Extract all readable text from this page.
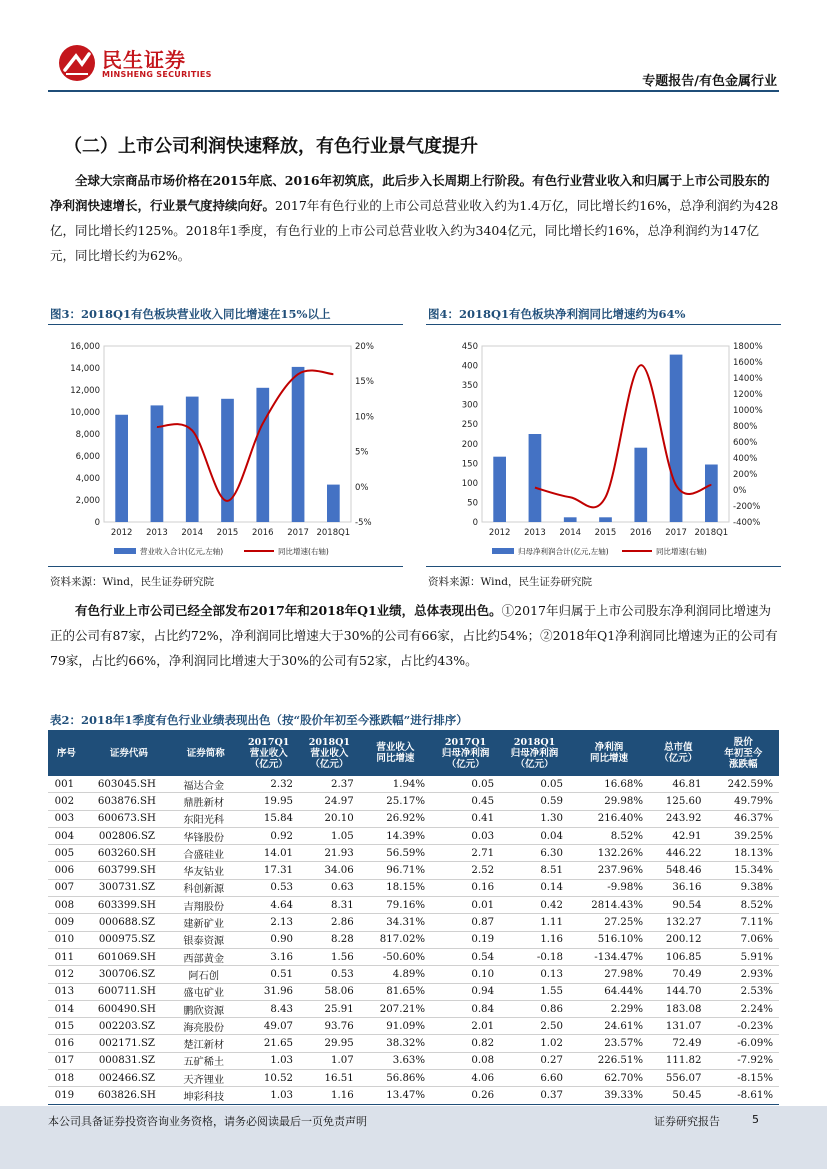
民生证券
MINSHENG SECURITIES	专题报告/有色金属行业
（二）上市公司利润快速释放，有色行业景气度提升
全球大宗商品市场价格在2015年底、2016年初筑底，此后步入长周期上行阶段。有色行业营业收入和归属于上市公司股东的净利润快速增长，行业景气度持续向好。2017年有色行业的上市公司总营业收入约为1.4万亿，同比增长约16%，总净利润约为428亿，同比增长约125%。2018年1季度，有色行业的上市公司总营业收入约为3404亿元，同比增长约16%，总净利润约为147亿元，同比增长约为62%。
图3：2018Q1有色板块营业收入同比增速在15%以上
0
2,000
4,000
6,000
8,000
10,000
12,000
14,000
16,000
-5%
0%
5%
10%
15%
20%
2012 2013 2014 2015 2016 2017 2018Q1
营业收入合计(亿元,左轴)	同比增速(右轴)
资料来源：Wind，民生证券研究院
图4：2018Q1有色板块净利润同比增速约为64%
0
50
100
150
200
250
300
350
400
450
-400%
-200%
0%
200%
400%
600%
800%
1000%
1200%
1400%
1600%
1800%
2012 2013 2014 2015 2016 2017 2018Q1
归母净利润合计(亿元,左轴)	同比增速(右轴)
资料来源：Wind，民生证券研究院
有色行业上市公司已经全部发布2017年和2018年Q1业绩，总体表现出色。①2017年归属于上市公司股东净利润同比增速为正的公司有87家，占比约72%，净利润同比增速大于30%的公司有66家，占比约54%；②2018年Q1净利润同比增速为正的公司有79家，占比约66%，净利润同比增速大于30%的公司有52家，占比约43%。
表2：2018年1季度有色行业业绩表现出色（按“股价年初至今涨跌幅”进行排序）
序号	证券代码	证券简称	2017Q1
营业收入
（亿元）	2018Q1
营业收入
（亿元）	营业收入
同比增速	2017Q1
归母净利润
（亿元）	2018Q1
归母净利润
（亿元）	净利润
同比增速	总市值
（亿元）	股价
年初至今
涨跌幅
001	603045.SH	福达合金	2.32	2.37	1.94%	0.05	0.05	16.68%	46.81	242.59%
002	603876.SH	鼎胜新材	19.95	24.97	25.17%	0.45	0.59	29.98%	125.60	49.79%
003	600673.SH	东阳光科	15.84	20.10	26.92%	0.41	1.30	216.40%	243.92	46.37%
004	002806.SZ	华锋股份	0.92	1.05	14.39%	0.03	0.04	8.52%	42.91	39.25%
005	603260.SH	合盛硅业	14.01	21.93	56.59%	2.71	6.30	132.26%	446.22	18.13%
006	603799.SH	华友钴业	17.31	34.06	96.71%	2.52	8.51	237.96%	548.46	15.34%
007	300731.SZ	科创新源	0.53	0.63	18.15%	0.16	0.14	-9.98%	36.16	9.38%
008	603399.SH	吉翔股份	4.64	8.31	79.16%	0.01	0.42	2814.43%	90.54	8.52%
009	000688.SZ	建新矿业	2.13	2.86	34.31%	0.87	1.11	27.25%	132.27	7.11%
010	000975.SZ	银泰资源	0.90	8.28	817.02%	0.19	1.16	516.10%	200.12	7.06%
011	601069.SH	西部黄金	3.16	1.56	-50.60%	0.54	-0.18	-134.47%	106.85	5.91%
012	300706.SZ	阿石创	0.51	0.53	4.89%	0.10	0.13	27.98%	70.49	2.93%
013	600711.SH	盛屯矿业	31.96	58.06	81.65%	0.94	1.55	64.44%	144.70	2.53%
014	600490.SH	鹏欣资源	8.43	25.91	207.21%	0.84	0.86	2.29%	183.08	2.24%
015	002203.SZ	海亮股份	49.07	93.76	91.09%	2.01	2.50	24.61%	131.07	-0.23%
016	002171.SZ	楚江新材	21.65	29.95	38.32%	0.82	1.02	23.57%	72.49	-6.09%
017	000831.SZ	五矿稀土	1.03	1.07	3.63%	0.08	0.27	226.51%	111.82	-7.92%
018	002466.SZ	天齐锂业	10.52	16.51	56.86%	4.06	6.60	62.70%	556.07	-8.15%
019	603826.SH	坤彩科技	1.03	1.16	13.47%	0.26	0.37	39.33%	50.45	-8.61%
本公司具备证券投资咨询业务资格，请务必阅读最后一页免责声明	证券研究报告	5
